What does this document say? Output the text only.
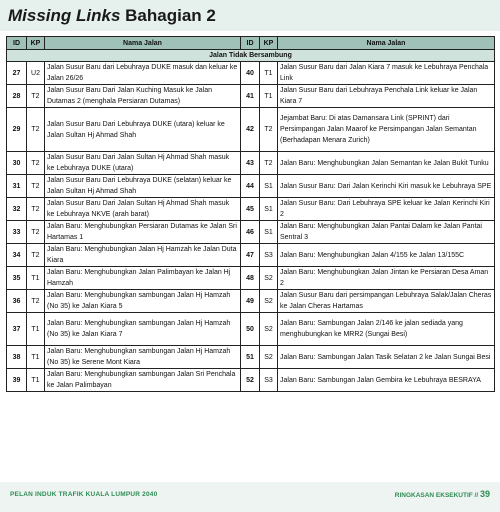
Missing Links Bahagian 2
ID	KP	Nama Jalan	ID	KP	Nama Jalan
Jalan Tidak Bersambung					
27	U2	Jalan Susur Baru dari Lebuhraya DUKE masuk dan keluar ke Jalan 26/26	40	T1	Jalan Susur Baru dari Jalan Kiara 7 masuk ke Lebuhraya Penchala Link
28	T2	Jalan Susur Baru Dari Jalan Kuching Masuk ke Jalan Dutamas 2 (menghala Persiaran Dutamas)	41	T1	Jalan Susur Baru dari Lebuhraya Penchala Link keluar ke Jalan Kiara 7
29	T2	Jalan Susur Baru Dari Lebuhraya DUKE (utara) keluar ke Jalan Sultan Hj Ahmad Shah	42	T2	Jejambat Baru: Di atas Damansara Link (SPRINT) dari Persimpangan Jalan Maarof ke Persimpangan Jalan Semantan (Berhadapan Menara Zurich)
30	T2	Jalan Susur Baru Dari Jalan Sultan Hj Ahmad Shah masuk ke Lebuhraya DUKE (utara)	43	T2	Jalan Baru: Menghubungkan Jalan Semantan ke Jalan Bukit Tunku
31	T2	Jalan Susur Baru Dari Lebuhraya DUKE (selatan) keluar ke Jalan Sultan Hj Ahmad Shah	44	S1	Jalan Susur Baru: Dari Jalan Kerinchi Kiri masuk ke Lebuhraya SPE
32	T2	Jalan Susur Baru Dari Jalan Sultan Hj Ahmad Shah masuk ke Lebuhraya NKVE (arah barat)	45	S1	Jalan Susur Baru: Dari Lebuhraya SPE keluar ke Jalan Kerinchi Kiri 2
33	T2	Jalan Baru: Menghubungkan Persiaran Dutamas ke Jalan Sri Hartamas 1	46	S1	Jalan Baru: Menghubungkan Jalan Pantai Dalam ke Jalan Pantai Sentral 3
34	T2	Jalan Baru: Menghubungkan Jalan Hj Hamzah ke Jalan Duta Kiara	47	S3	Jalan Baru: Menghubungkan Jalan 4/155 ke Jalan 13/155C
35	T1	Jalan Baru: Menghubungkan Jalan Palimbayan ke Jalan Hj Hamzah	48	S2	Jalan Baru: Menghubungkan Jalan Jintan ke Persiaran Desa Aman 2
36	T2	Jalan Baru: Menghubungkan sambungan Jalan Hj Hamzah (No 35) ke Jalan Kiara 5	49	S2	Jalan Susur Baru dari persimpangan Lebuhraya Salak/Jalan Cheras ke Jalan Cheras Hartamas
37	T1	Jalan Baru: Menghubungkan sambungan Jalan Hj Hamzah (No 35) ke Jalan Kiara 7	50	S2	Jalan Baru: Sambungan Jalan 2/146 ke jalan sediada yang menghubungkan ke MRR2 (Sungai Besi)
38	T1	Jalan Baru: Menghubungkan sambungan Jalan Hj Hamzah (No 35) ke Serene Mont Kiara	51	S2	Jalan Baru: Sambungan Jalan Tasik Selatan 2 ke Jalan Sungai Besi
39	T1	Jalan Baru: Menghubungkan sambungan Jalan Sri Penchala ke Jalan Palimbayan	52	S3	Jalan Baru: Sambungan Jalan Gembira ke Lebuhraya BESRAYA
PELAN INDUK TRAFIK KUALA LUMPUR 2040	RINGKASAN EKSEKUTIF // 39
